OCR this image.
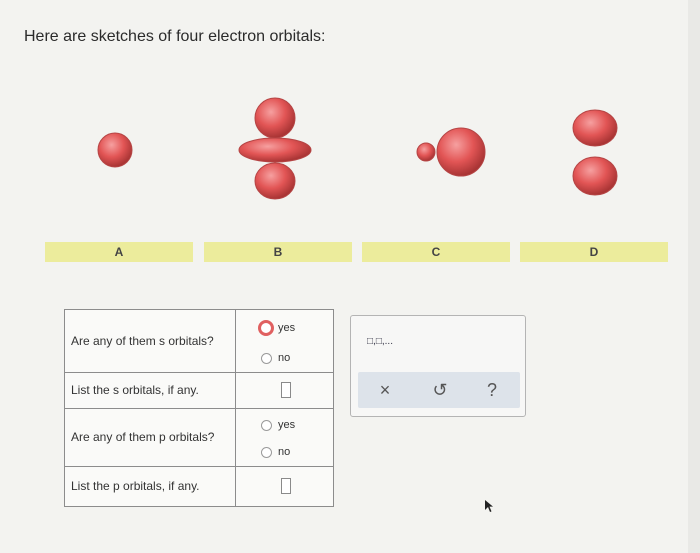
Here are sketches of four electron orbitals:
A	B	C	D
Are any of them s orbitals?
yes
no
List the s orbitals, if any.
Are any of them p orbitals?
yes
no
List the p orbitals, if any.
□,□,...
×	↺	?
